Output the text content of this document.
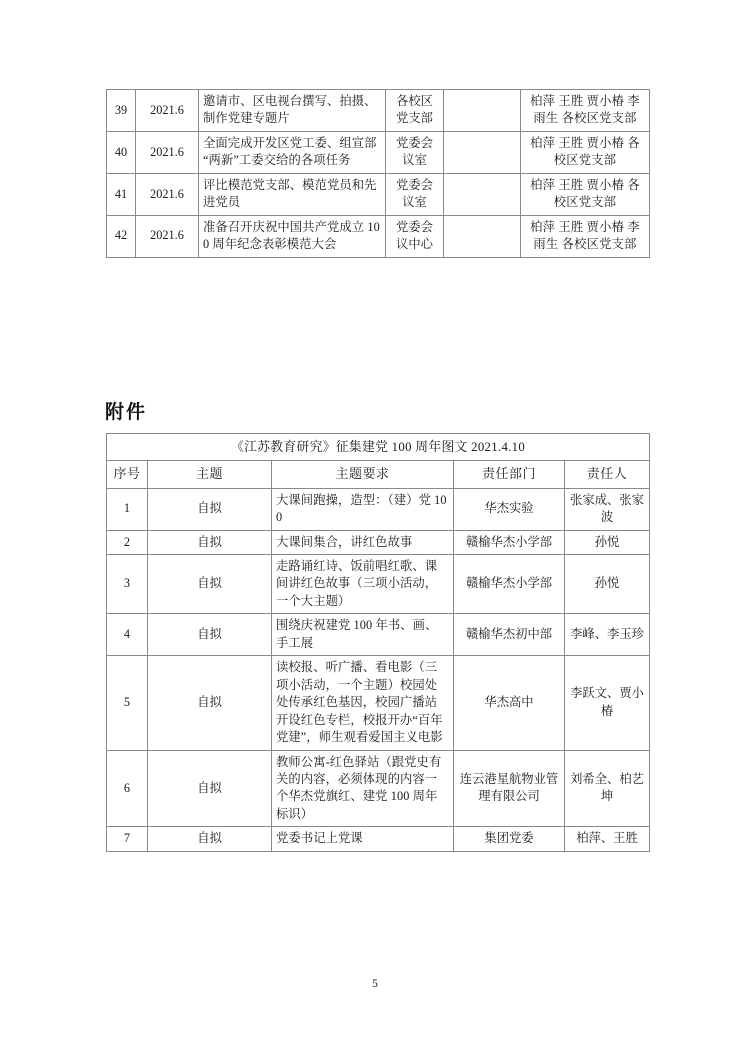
39	2021.6	邀请市、区电视台撰写、拍摄、制作党建专题片	各校区党支部		柏萍 王胜 贾小椿 李雨生 各校区党支部
40	2021.6	全面完成开发区党工委、组宣部 “两新”工委交给的各项任务	党委会议室		柏萍 王胜 贾小椿 各校区党支部
41	2021.6	评比模范党支部、模范党员和先进党员	党委会议室		柏萍 王胜 贾小椿 各校区党支部
42	2021.6	准备召开庆祝中国共产党成立 100 周年纪念表彰模范大会	党委会议中心		柏萍 王胜 贾小椿 李雨生 各校区党支部
附件
《江苏教育研究》征集建党 100 周年图文 2021.4.10				
序号	主题	主题要求	责任部门	责任人
1	自拟	大课间跑操，造型：（建）党 100	华杰实验	张家成、张家波
2	自拟	大课间集合，讲红色故事	赣榆华杰小学部	孙悦
3	自拟	走路诵红诗、饭前唱红歌、课间讲红色故事（三项小活动，一个大主题）	赣榆华杰小学部	孙悦
4	自拟	围绕庆祝建党 100 年书、画、手工展	赣榆华杰初中部	李峰、李玉珍
5	自拟	读校报、听广播、看电影（三项小活动，一个主题）校园处处传承红色基因，校园广播站开设红色专栏，校报开办“百年党建”，师生观看爱国主义电影	华杰高中	李跃文、贾小椿
6	自拟	教师公寓-红色驿站（跟党史有关的内容，必须体现的内容一个华杰党旗红、建党 100 周年标识）	连云港星航物业管理有限公司	刘希全、柏艺坤
7	自拟	党委书记上党课	集团党委	柏萍、王胜
5
